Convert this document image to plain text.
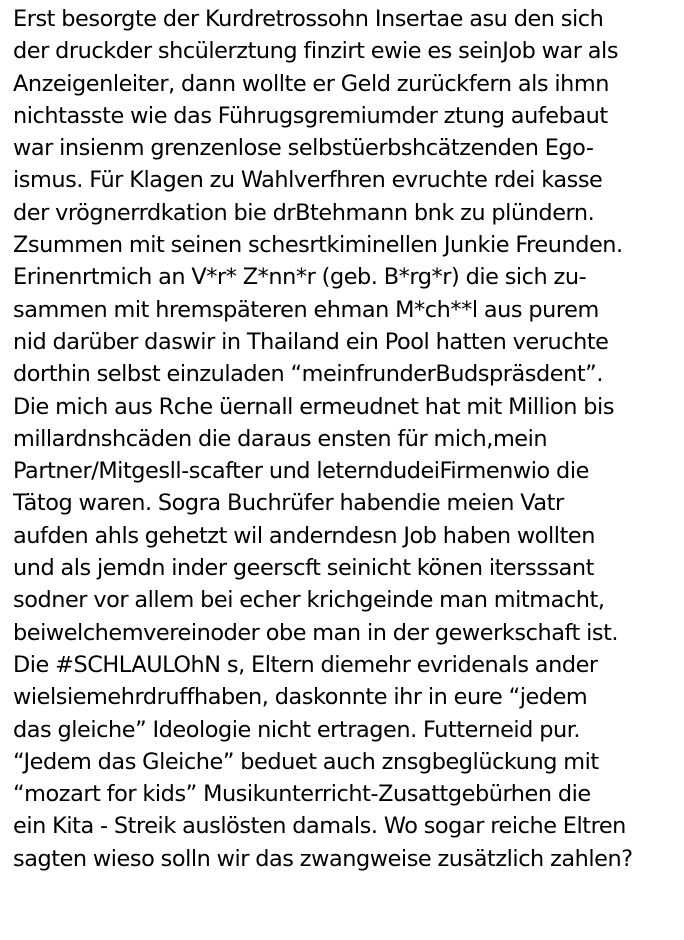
Erst besorgte der Kurdretrossohn Insertae asu den sich
der druckder shcülerztung finzirt ewie es seinJob war als
Anzeigenleiter, dann wollte er Geld zurückfern als ihmn
nichtasste wie das Führugsgremiumder ztung aufebaut
war insienm grenzenlose selbstüerbshcätzenden Ego-
ismus. Für Klagen zu Wahlverfhren evruchte rdei kasse
der vrögnerrdkation bie drBtehmann bnk zu plündern.
Zsummen mit seinen schesrtkiminellen Junkie Freunden.
Erinenrtmich an V*r* Z*nn*r (geb. B*rg*r) die sich zu-
sammen mit hremspäteren ehman M*ch**l aus purem
nid darüber daswir in Thailand ein Pool hatten veruchte
dorthin selbst einzuladen “meinfrunderBudspräsdent”.
Die mich aus Rche üernall ermeudnet hat mit Million bis
millardnshcäden die daraus ensten für mich,mein
Partner/Mitgesll-scafter und leterndudeiFirmenwio die
Tätog waren. Sogra Buchrüfer habendie meien Vatr
aufden ahls gehetzt wil anderndesn Job haben wollten
und als jemdn inder geerscft seinicht könen itersssant
sodner vor allem bei echer krichgeinde man mitmacht,
beiwelchemvereinoder obe man in der gewerkschaft ist.
Die #SCHLAULOhN s, Eltern diemehr evridenals ander
wielsiemehrdruffhaben, daskonnte ihr in eure “jedem
das gleiche” Ideologie nicht ertragen. Futterneid pur.
“Jedem das Gleiche” beduet auch znsgbeglückung mit
“mozart for kids” Musikunterricht-Zusattgebürhen die
ein Kita - Streik auslösten damals. Wo sogar reiche Eltren
sagten wieso solln wir das zwangweise zusätzlich zahlen?
